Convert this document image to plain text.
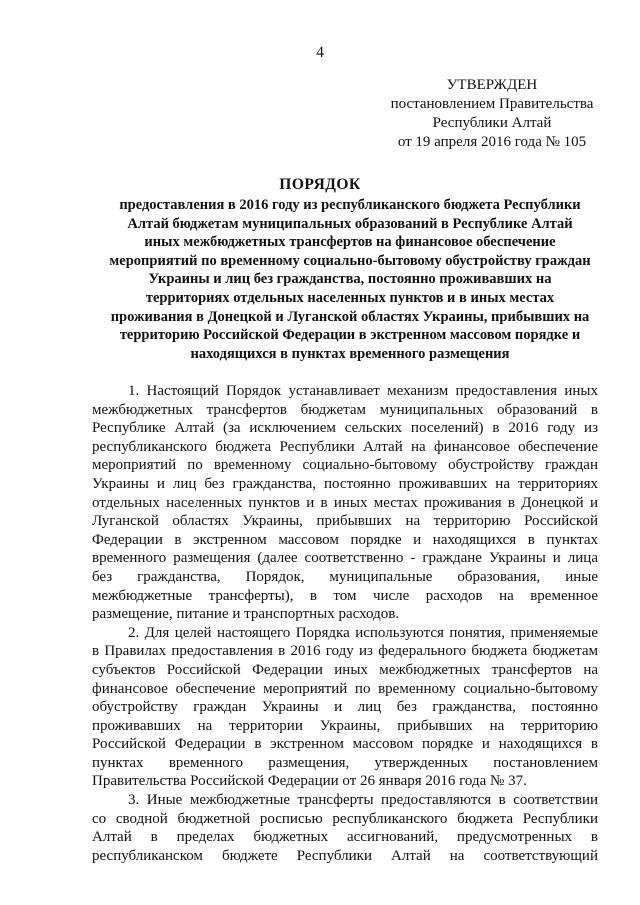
4
УТВЕРЖДЕН
постановлением Правительства
Республики Алтай
от 19 апреля 2016 года № 105
ПОРЯДОК
предоставления в 2016 году из республиканского бюджета Республики
Алтай бюджетам муниципальных образований в Республике Алтай
иных межбюджетных трансфертов на финансовое обеспечение
мероприятий по временному социально-бытовому обустройству граждан
Украины и лиц без гражданства, постоянно проживавших на
территориях отдельных населенных пунктов и в иных местах
проживания в Донецкой и Луганской областях Украины, прибывших на
территорию Российской Федерации в экстренном массовом порядке и
находящихся в пунктах временного размещения
1. Настоящий Порядок устанавливает механизм предоставления иных
межбюджетных трансфертов бюджетам муниципальных образований в
Республике Алтай (за исключением сельских поселений) в 2016 году из
республиканского бюджета Республики Алтай на финансовое обеспечение
мероприятий по временному социально-бытовому обустройству граждан
Украины и лиц без гражданства, постоянно проживавших на территориях
отдельных населенных пунктов и в иных местах проживания в Донецкой и
Луганской областях Украины, прибывших на территорию Российской
Федерации в экстренном массовом порядке и находящихся в пунктах
временного размещения (далее соответственно - граждане Украины и лица
без гражданства, Порядок, муниципальные образования, иные
межбюджетные трансферты), в том числе расходов на временное
размещение, питание и транспортных расходов.
2. Для целей настоящего Порядка используются понятия, применяемые
в Правилах предоставления в 2016 году из федерального бюджета бюджетам
субъектов Российской Федерации иных межбюджетных трансфертов на
финансовое обеспечение мероприятий по временному социально-бытовому
обустройству граждан Украины и лиц без гражданства, постоянно
проживавших на территории Украины, прибывших на территорию
Российской Федерации в экстренном массовом порядке и находящихся в
пунктах временного размещения, утвержденных постановлением
Правительства Российской Федерации от 26 января 2016 года № 37.
3. Иные межбюджетные трансферты предоставляются в соответствии
со сводной бюджетной росписью республиканского бюджета Республики
Алтай в пределах бюджетных ассигнований, предусмотренных в
республиканском бюджете Республики Алтай на соответствующий
